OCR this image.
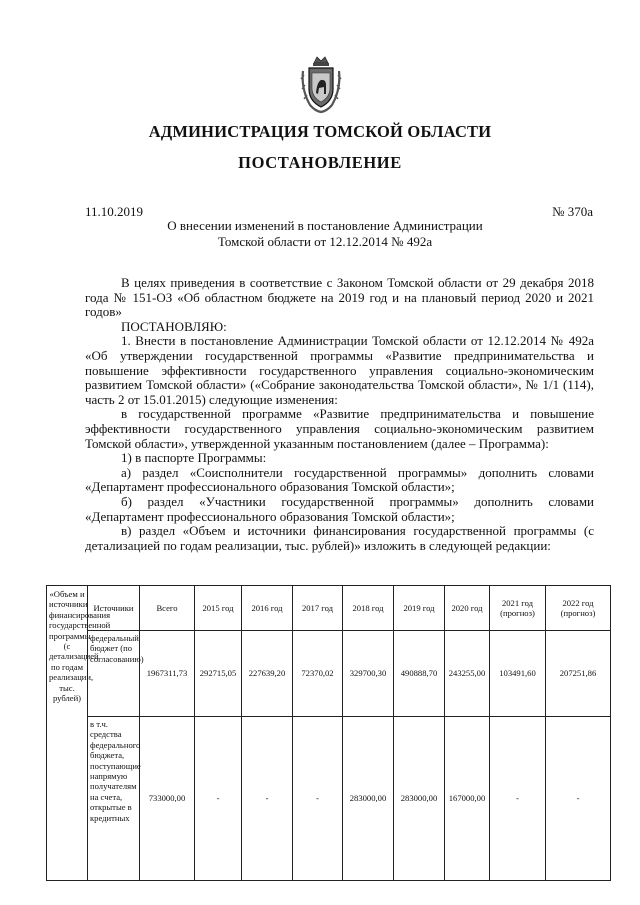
АДМИНИСТРАЦИЯ ТОМСКОЙ ОБЛАСТИ
ПОСТАНОВЛЕНИЕ
11.10.2019	№ 370а
О внесении изменений в постановление Администрации
Томской области от 12.12.2014 № 492а

В целях приведения в соответствие с Законом Томской области от 29 декабря 2018 года № 151-ОЗ «Об областном бюджете на 2019 год и на плановый период 2020 и 2021 годов»

ПОСТАНОВЛЯЮ:

1. Внести в постановление Администрации Томской области от 12.12.2014 № 492а «Об утверждении государственной программы «Развитие предпринимательства и повышение эффективности государственного управления социально-экономическим развитием Томской области» («Собрание законодательства Томской области», № 1/1 (114), часть 2 от 15.01.2015) следующие изменения:

в государственной программе «Развитие предпринимательства и повышение эффективности государственного управления социально-экономическим развитием Томской области», утвержденной указанным постановлением (далее – Программа):

1) в паспорте Программы:

а) раздел «Соисполнители государственной программы» дополнить словами «Департамент профессионального образования Томской области»;

б) раздел «Участники государственной программы» дополнить словами «Департамент профессионального образования Томской области»;

в) раздел «Объем и источники финансирования государственной программы (с детализацией по годам реализации, тыс. рублей)» изложить в следующей редакции:

«Объем и источники финансирования государственной программы (с детализацией по годам реализации, тыс. рублей)	Источники	Всего	2015 год	2016 год	2017 год	2018 год	2019 год	2020 год	2021 год (прогноз)	2022 год (прогноз)
	федеральный бюджет (по согласованию)	1967311,73	292715,05	227639,20	72370,02	329700,30	490888,70	243255,00	103491,60	207251,86
	в т.ч. средства федерального бюджета, поступающие напрямую получателям на счета, открытые в кредитных	733000,00	-	-	-	283000,00	283000,00	167000,00	-	-
